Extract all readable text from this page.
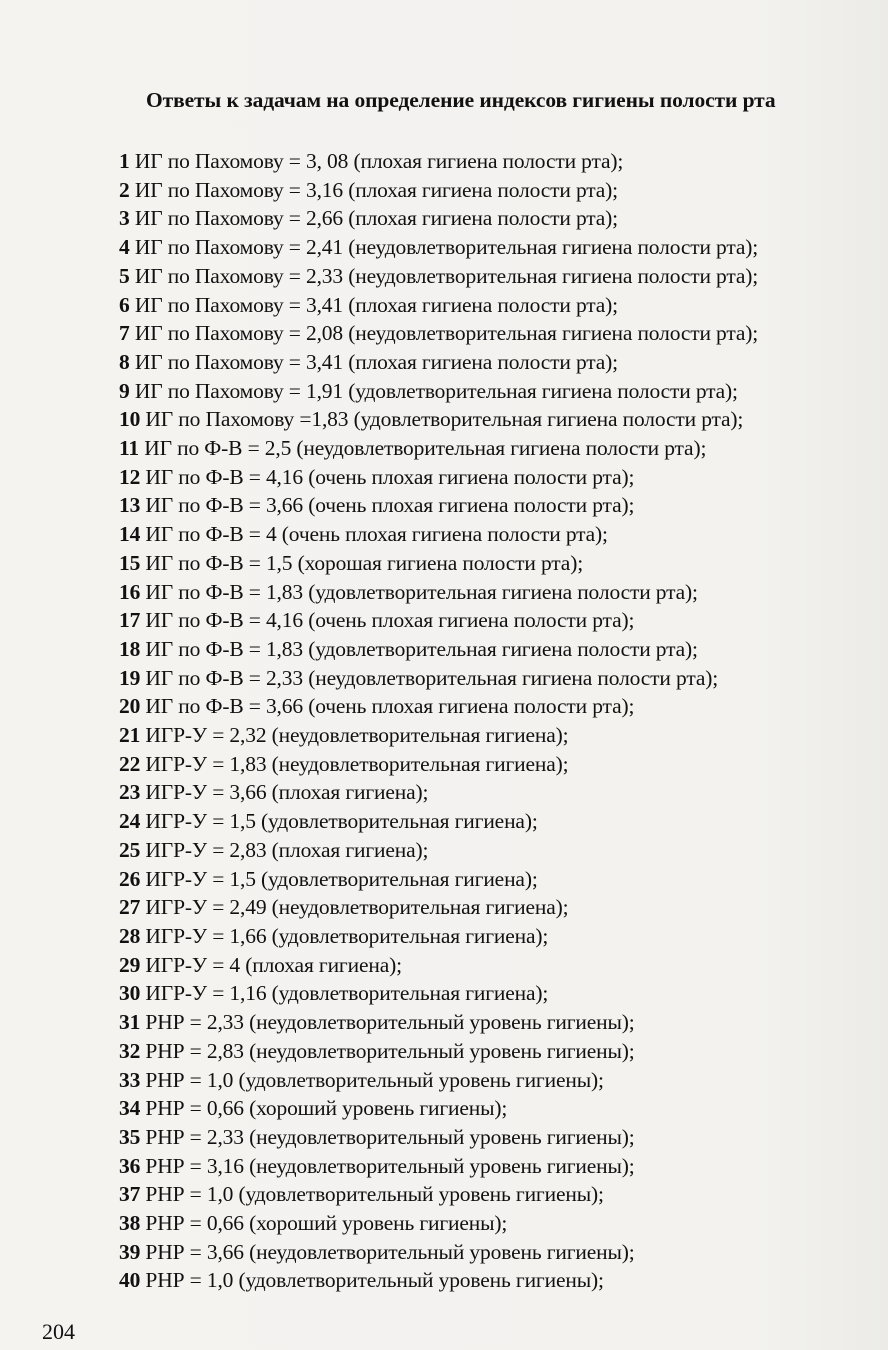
Ответы к задачам на определение индексов гигиены полости рта
1 ИГ по Пахомову = 3, 08 (плохая гигиена полости рта);
2 ИГ по Пахомову = 3,16 (плохая гигиена полости рта);
3 ИГ по Пахомову = 2,66 (плохая гигиена полости рта);
4 ИГ по Пахомову = 2,41 (неудовлетворительная гигиена полости рта);
5 ИГ по Пахомову = 2,33 (неудовлетворительная гигиена полости рта);
6 ИГ по Пахомову = 3,41 (плохая гигиена полости рта);
7 ИГ по Пахомову = 2,08 (неудовлетворительная гигиена полости рта);
8 ИГ по Пахомову = 3,41 (плохая гигиена полости рта);
9 ИГ по Пахомову = 1,91 (удовлетворительная гигиена полости рта);
10 ИГ по Пахомову =1,83 (удовлетворительная гигиена полости рта);
11 ИГ по Ф-В = 2,5 (неудовлетворительная гигиена полости рта);
12 ИГ по Ф-В = 4,16 (очень плохая гигиена полости рта);
13 ИГ по Ф-В = 3,66 (очень плохая гигиена полости рта);
14 ИГ по Ф-В = 4 (очень плохая гигиена полости рта);
15 ИГ по Ф-В = 1,5 (хорошая гигиена полости рта);
16 ИГ по Ф-В = 1,83 (удовлетворительная гигиена полости рта);
17 ИГ по Ф-В = 4,16 (очень плохая гигиена полости рта);
18 ИГ по Ф-В = 1,83 (удовлетворительная гигиена полости рта);
19 ИГ по Ф-В = 2,33 (неудовлетворительная гигиена полости рта);
20 ИГ по Ф-В = 3,66 (очень плохая гигиена полости рта);
21 ИГР-У = 2,32 (неудовлетворительная гигиена);
22 ИГР-У = 1,83 (неудовлетворительная гигиена);
23 ИГР-У = 3,66 (плохая гигиена);
24 ИГР-У = 1,5 (удовлетворительная гигиена);
25 ИГР-У = 2,83 (плохая гигиена);
26 ИГР-У = 1,5 (удовлетворительная гигиена);
27 ИГР-У = 2,49 (неудовлетворительная гигиена);
28 ИГР-У = 1,66 (удовлетворительная гигиена);
29 ИГР-У = 4 (плохая гигиена);
30 ИГР-У = 1,16 (удовлетворительная гигиена);
31 РНР = 2,33 (неудовлетворительный уровень гигиены);
32 РНР = 2,83 (неудовлетворительный уровень гигиены);
33 РНР = 1,0 (удовлетворительный уровень гигиены);
34 РНР = 0,66 (хороший уровень гигиены);
35 РНР = 2,33 (неудовлетворительный уровень гигиены);
36 РНР = 3,16 (неудовлетворительный уровень гигиены);
37 РНР = 1,0 (удовлетворительный уровень гигиены);
38 РНР = 0,66 (хороший уровень гигиены);
39 РНР = 3,66 (неудовлетворительный уровень гигиены);
40 РНР = 1,0 (удовлетворительный уровень гигиены);
204
